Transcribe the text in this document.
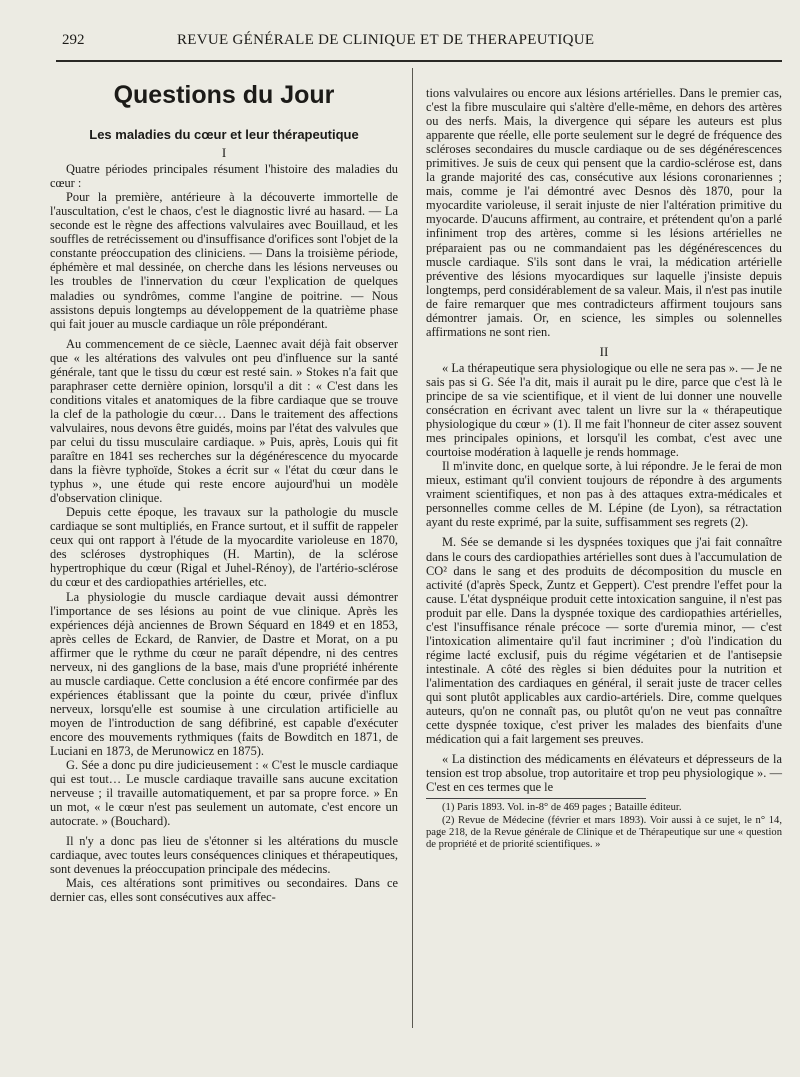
292	REVUE GÉNÉRALE DE CLINIQUE ET DE THERAPEUTIQUE
Questions du Jour
Les maladies du cœur et leur thérapeutique
I

Quatre périodes principales résument l'histoire des maladies du cœur :

Pour la première, antérieure à la découverte immortelle de l'auscultation, c'est le chaos, c'est le diagnostic livré au hasard. — La seconde est le règne des affections valvulaires avec Bouillaud, et les souffles de retrécissement ou d'insuffisance d'orifices sont l'objet de la constante préoccupation des cliniciens. — Dans la troisième période, éphémère et mal dessinée, on cherche dans les lésions nerveuses ou les troubles de l'innervation du cœur l'explication de quelques maladies ou syndrômes, comme l'angine de poitrine. — Nous assistons depuis longtemps au développement de la quatrième phase qui fait jouer au muscle cardiaque un rôle prépondérant.

Au commencement de ce siècle, Laennec avait déjà fait observer que « les altérations des valvules ont peu d'influence sur la santé générale, tant que le tissu du cœur est resté sain. » Stokes n'a fait que paraphraser cette dernière opinion, lorsqu'il a dit : « C'est dans les conditions vitales et anatomiques de la fibre cardiaque que se trouve la clef de la pathologie du cœur… Dans le traitement des affections valvulaires, nous devons être guidés, moins par l'état des valvules que par celui du tissu musculaire cardiaque. » Puis, après, Louis qui fit paraître en 1841 ses recherches sur la dégénérescence du myocarde dans la fièvre typhoïde, Stokes a écrit sur « l'état du cœur dans le typhus », une étude qui reste encore aujourd'hui un modèle d'observation clinique.

Depuis cette époque, les travaux sur la pathologie du muscle cardiaque se sont multipliés, en France surtout, et il suffit de rappeler ceux qui ont rapport à l'étude de la myocardite varioleuse en 1870, des scléroses dystrophiques (H. Martin), de la sclérose hypertrophique du cœur (Rigal et Juhel-Rénoy), de l'artério-sclérose du cœur et des cardiopathies artérielles, etc.

La physiologie du muscle cardiaque devait aussi démontrer l'importance de ses lésions au point de vue clinique. Après les expériences déjà anciennes de Brown Séquard en 1849 et en 1853, après celles de Eckard, de Ranvier, de Dastre et Morat, on a pu affirmer que le rythme du cœur ne paraît dépendre, ni des centres nerveux, ni des ganglions de la base, mais d'une propriété inhérente au muscle cardiaque. Cette conclusion a été encore confirmée par des expériences établissant que la pointe du cœur, privée d'influx nerveux, lorsqu'elle est soumise à une circulation artificielle au moyen de l'introduction de sang défibriné, est capable d'exécuter encore des mouvements rythmiques (faits de Bowditch en 1871, de Luciani en 1873, de Merunowicz en 1875).

G. Sée a donc pu dire judicieusement : « C'est le muscle cardiaque qui est tout… Le muscle cardiaque travaille sans aucune excitation nerveuse ; il travaille automatiquement, et par sa propre force. » En un mot, « le cœur n'est pas seulement un automate, c'est encore un autocrate. » (Bouchard).

Il n'y a donc pas lieu de s'étonner si les altérations du muscle cardiaque, avec toutes leurs conséquences cliniques et thérapeutiques, sont devenues la préoccupation principale des médecins.

Mais, ces altérations sont primitives ou secondaires. Dans ce dernier cas, elles sont consécutives aux affec-

tions valvulaires ou encore aux lésions artérielles. Dans le premier cas, c'est la fibre musculaire qui s'altère d'elle-même, en dehors des artères ou des nerfs. Mais, la divergence qui sépare les auteurs est plus apparente que réelle, elle porte seulement sur le degré de fréquence des scléroses secondaires du muscle cardiaque ou de ses dégénérescences primitives. Je suis de ceux qui pensent que la cardio-sclérose est, dans la grande majorité des cas, consécutive aux lésions coronariennes ; mais, comme je l'ai démontré avec Desnos dès 1870, pour la myocardite varioleuse, il serait injuste de nier l'altération primitive du myocarde. D'aucuns affirment, au contraire, et prétendent qu'on a parlé infiniment trop des artères, comme si les lésions artérielles ne préparaient pas ou ne commandaient pas les dégénérescences du muscle cardiaque. S'ils sont dans le vrai, la médication artérielle préventive des lésions myocardiques sur laquelle j'insiste depuis longtemps, perd considérablement de sa valeur. Mais, il n'est pas inutile de faire remarquer que mes contradicteurs affirment toujours sans démontrer jamais. Or, en science, les simples ou solennelles affirmations ne sont rien.

II

« La thérapeutique sera physiologique ou elle ne sera pas ». — Je ne sais pas si G. Sée l'a dit, mais il aurait pu le dire, parce que c'est là le principe de sa vie scientifique, et il vient de lui donner une nouvelle consécration en écrivant avec talent un livre sur la « thérapeutique physiologique du cœur » (1). Il me fait l'honneur de citer assez souvent mes principales opinions, et lorsqu'il les combat, c'est avec une courtoise modération à laquelle je rends hommage.

Il m'invite donc, en quelque sorte, à lui répondre. Je le ferai de mon mieux, estimant qu'il convient toujours de répondre à des arguments vraiment scientifiques, et non pas à des attaques extra-médicales et personnelles comme celles de M. Lépine (de Lyon), sa rétractation ayant du reste exprimé, par la suite, suffisamment ses regrets (2).

M. Sée se demande si les dyspnées toxiques que j'ai fait connaître dans le cours des cardiopathies artérielles sont dues à l'accumulation de CO² dans le sang et des produits de décomposition du muscle en activité (d'après Speck, Zuntz et Geppert). C'est prendre l'effet pour la cause. L'état dyspnéique produit cette intoxication sanguine, il n'est pas produit par elle. Dans la dyspnée toxique des cardiopathies artérielles, c'est l'insuffisance rénale précoce — sorte d'uremia minor, — c'est l'intoxication alimentaire qu'il faut incriminer ; d'où l'indication du régime lacté exclusif, puis du régime végétarien et de l'antisepsie intestinale. A côté des règles si bien déduites pour la nutrition et l'alimentation des cardiaques en général, il serait juste de tracer celles qui sont plutôt applicables aux cardio-artériels. Dire, comme quelques auteurs, qu'on ne connaît pas, ou plutôt qu'on ne veut pas connaître cette dyspnée toxique, c'est priver les malades des bienfaits d'une médication qui a fait largement ses preuves.

« La distinction des médicaments en élévateurs et dépresseurs de la tension est trop absolue, trop autoritaire et trop peu physiologique ». — C'est en ces termes que le

(1) Paris 1893. Vol. in-8° de 469 pages ; Bataille éditeur.

(2) Revue de Médecine (février et mars 1893). Voir aussi à ce sujet, le n° 14, page 218, de la Revue générale de Clinique et de Thérapeutique sur une « question de propriété et de priorité scientifiques. »
